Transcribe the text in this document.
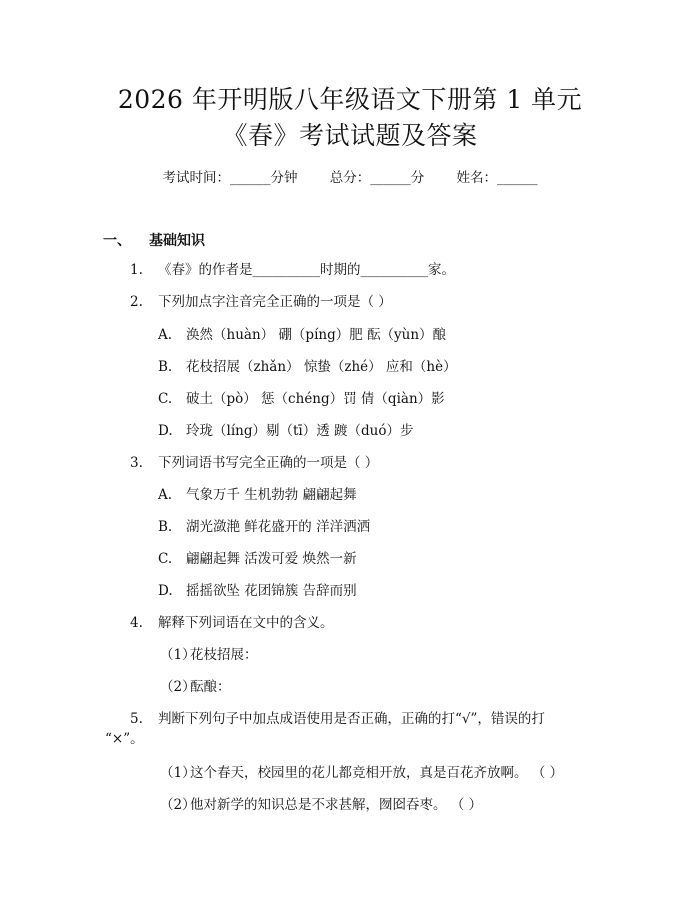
2026 年开明版八年级语文下册第 1 单元
《春》考试试题及答案
考试时间：______分钟 总分：______分 姓名：______
一、 基础知识
1. 《春》的作者是__________时期的__________家。
2. 下列加点字注音完全正确的一项是（ ）
A. 涣然（huàn） 硼（píng）肥 酝（yùn）酿
B. 花枝招展（zhǎn） 惊蛰（zhé） 应和（hè）
C. 破土（pò） 惩（chéng）罚 倩（qiàn）影
D. 玲珑（líng）剔（tī）透 踱（duó）步
3. 下列词语书写完全正确的一项是（ ）
A. 气象万千 生机勃勃 翩翩起舞
B. 湖光潋滟 鲜花盛开的 洋洋洒洒
C. 翩翩起舞 活泼可爱 焕然一新
D. 摇摇欲坠 花团锦簇 告辞而别
4. 解释下列词语在文中的含义。
（1）花枝招展：
（2）酝酿：
5. 判断下列句子中加点成语使用是否正确，正确的打“√”，错误的打
“×”。
（1）这个春天，校园里的花儿都竞相开放，真是百花齐放啊。 （ ）
（2）他对新学的知识总是不求甚解，囫囵吞枣。 （ ）
